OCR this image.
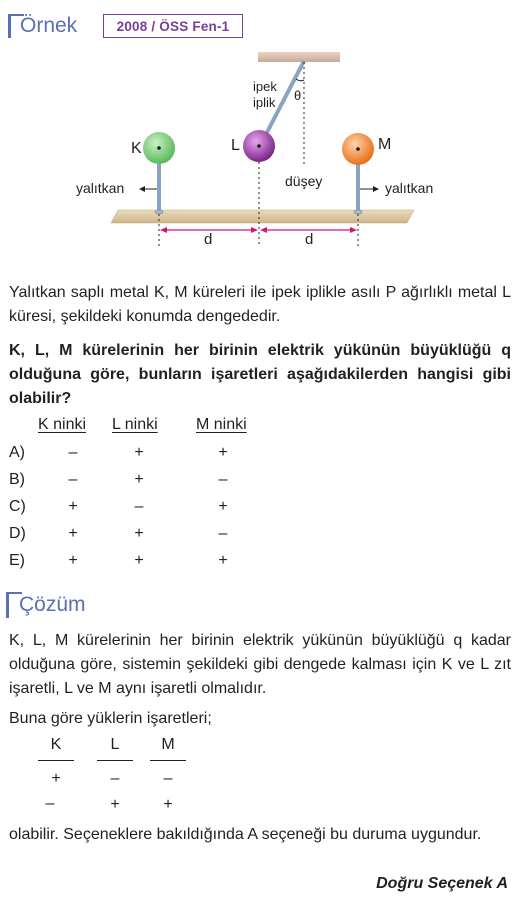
Örnek	2008 / ÖSS Fen-1
K	L	M
ipek
iplik θ
düşey
yalıtkan	yalıtkan
d	d
Yalıtkan saplı metal K, M küreleri ile ipek iplikle asılı P ağırlıklı metal L küresi, şekildeki konumda dengededir.
K, L, M kürelerinin her birinin elektrik yükünün büyüklüğü q olduğuna göre, bunların işaretleri aşağıdakilerden hangisi gibi olabilir?
K ninki L ninki M ninki
A)	–	+	+
B)	–	+	–
C)	+	–	+
D)	+	+	–
E)	+	+	+
Çözüm
K, L, M kürelerinin her birinin elektrik yükünün büyüklüğü q kadar olduğuna göre, sistemin şekildeki gibi dengede kalması için K ve L zıt işaretli, L ve M aynı işaretli olmalıdır.
Buna göre yüklerin işaretleri;
K	L	M
+	–	–
–	+	+
olabilir. Seçeneklere bakıldığında A seçeneği bu duruma uygundur.
Doğru Seçenek A
